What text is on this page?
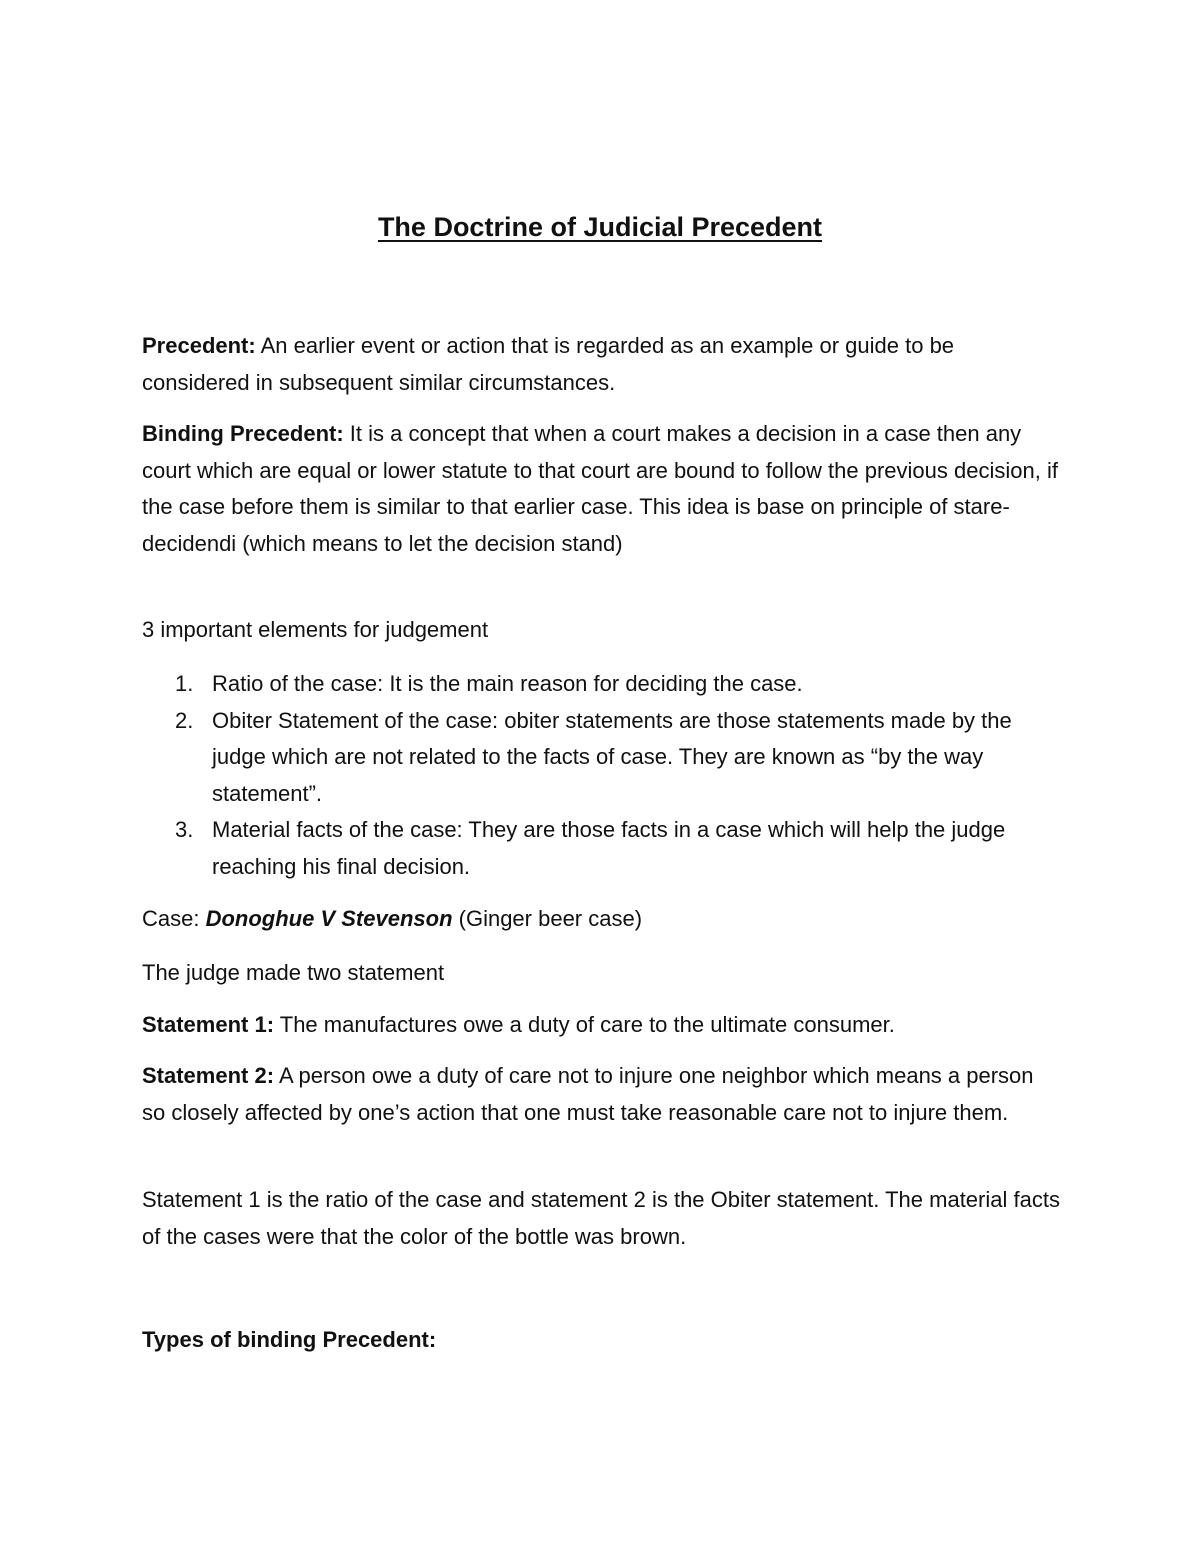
The Doctrine of Judicial Precedent

Precedent: An earlier event or action that is regarded as an example or guide to be considered in subsequent similar circumstances.

Binding Precedent: It is a concept that when a court makes a decision in a case then any court which are equal or lower statute to that court are bound to follow the previous decision, if the case before them is similar to that earlier case. This idea is base on principle of stare-decidendi (which means to let the decision stand)

3 important elements for judgement

1. Ratio of the case: It is the main reason for deciding the case.
2. Obiter Statement of the case: obiter statements are those statements made by the judge which are not related to the facts of case. They are known as “by the way statement”.
3. Material facts of the case: They are those facts in a case which will help the judge reaching his final decision.

Case: Donoghue V Stevenson (Ginger beer case)

The judge made two statement

Statement 1: The manufactures owe a duty of care to the ultimate consumer.

Statement 2: A person owe a duty of care not to injure one neighbor which means a person so closely affected by one’s action that one must take reasonable care not to injure them.

Statement 1 is the ratio of the case and statement 2 is the Obiter statement. The material facts of the cases were that the color of the bottle was brown.

Types of binding Precedent:
